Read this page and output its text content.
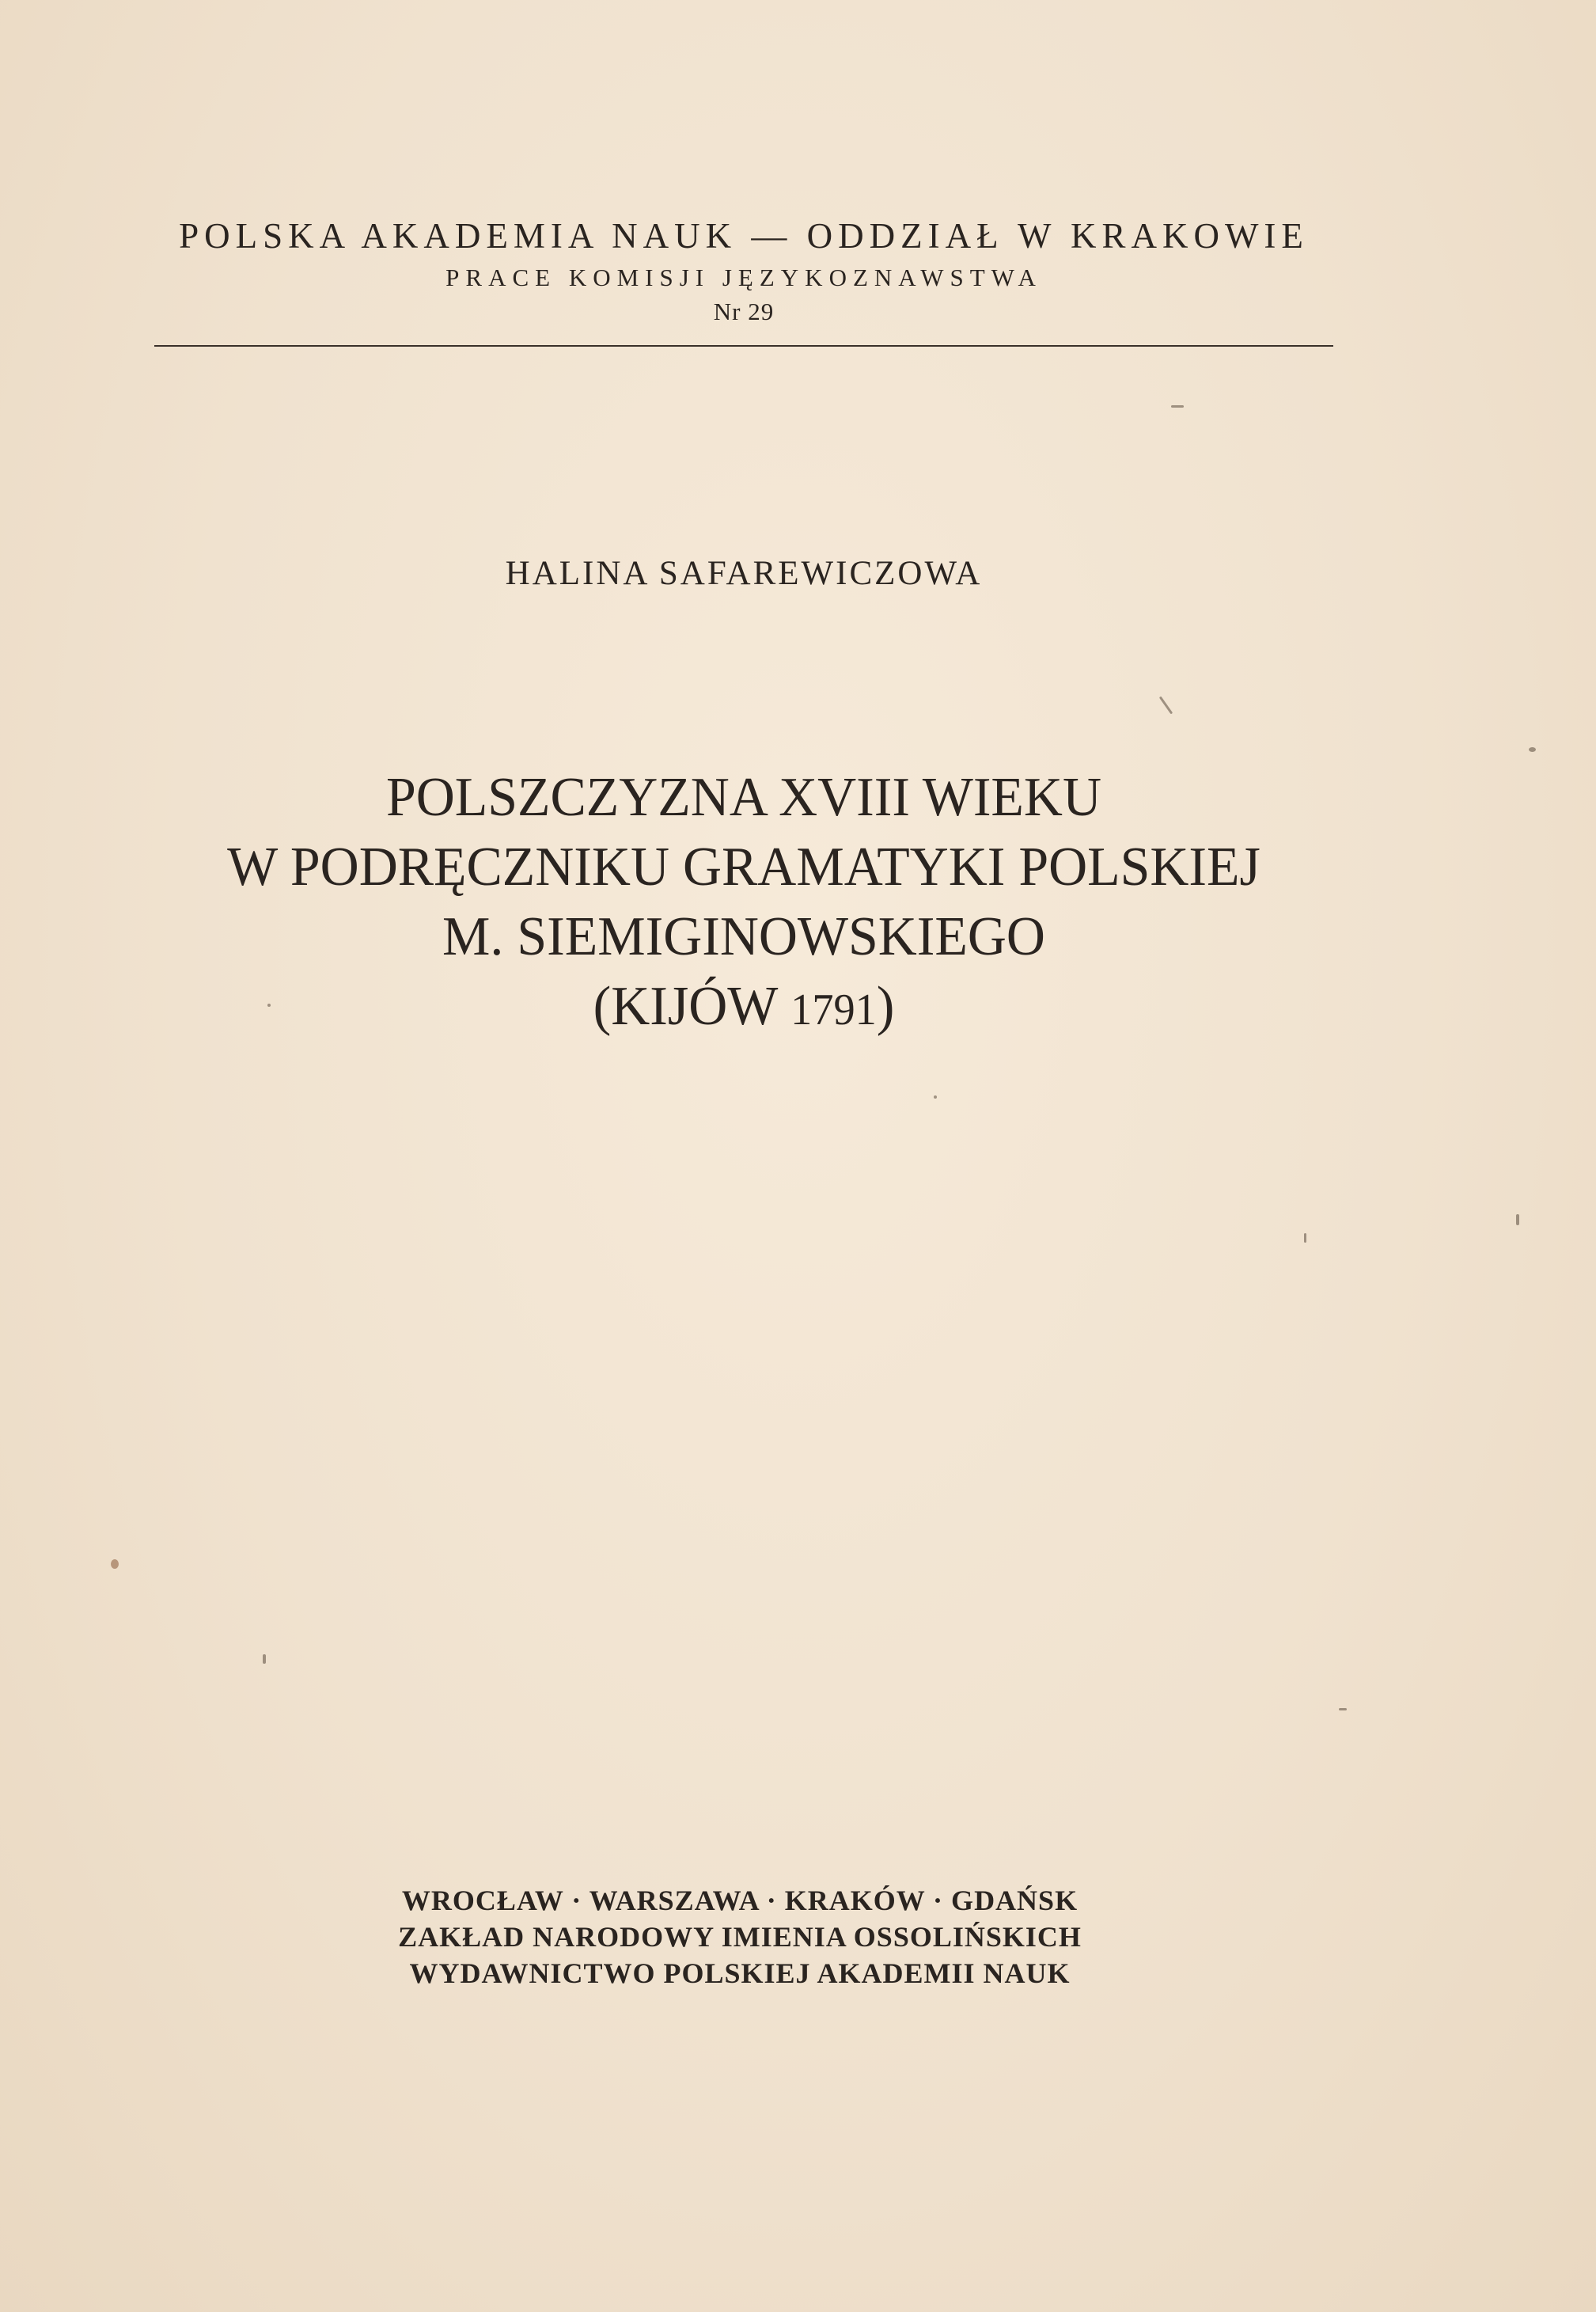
POLSKA AKADEMIA NAUK — ODDZIAŁ W KRAKOWIE
PRACE KOMISJI JĘZYKOZNAWSTWA
Nr 29
HALINA SAFAREWICZOWA
POLSZCZYZNA XVIII WIEKU
W PODRĘCZNIKU GRAMATYKI POLSKIEJ
M. SIEMIGINOWSKIEGO
(KIJÓW 1791)
WROCŁAW · WARSZAWA · KRAKÓW · GDAŃSK
ZAKŁAD NARODOWY IMIENIA OSSOLIŃSKICH
WYDAWNICTWO POLSKIEJ AKADEMII NAUK
